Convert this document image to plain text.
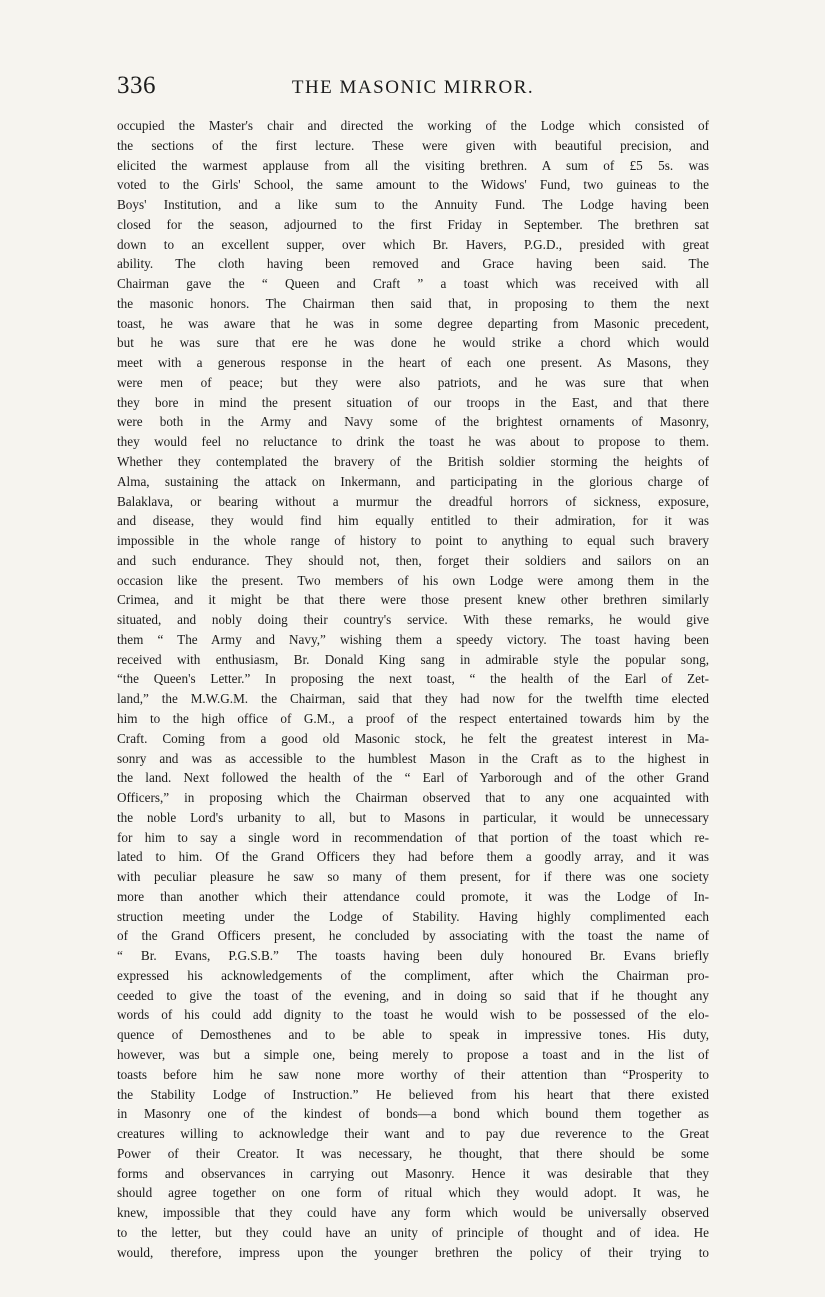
336	THE MASONIC MIRROR.
occupied the Master's chair and directed the working of the Lodge which consisted of
the sections of the first lecture. These were given with beautiful precision, and
elicited the warmest applause from all the visiting brethren. A sum of £5 5s. was
voted to the Girls' School, the same amount to the Widows' Fund, two guineas to the
Boys' Institution, and a like sum to the Annuity Fund. The Lodge having been
closed for the season, adjourned to the first Friday in September. The brethren sat
down to an excellent supper, over which Br. Havers, P.G.D., presided with great
ability. The cloth having been removed and Grace having been said. The
Chairman gave the “ Queen and Craft ” a toast which was received with all
the masonic honors. The Chairman then said that, in proposing to them the next
toast, he was aware that he was in some degree departing from Masonic precedent,
but he was sure that ere he was done he would strike a chord which would
meet with a generous response in the heart of each one present. As Masons, they
were men of peace; but they were also patriots, and he was sure that when
they bore in mind the present situation of our troops in the East, and that there
were both in the Army and Navy some of the brightest ornaments of Masonry,
they would feel no reluctance to drink the toast he was about to propose to them.
Whether they contemplated the bravery of the British soldier storming the heights of
Alma, sustaining the attack on Inkermann, and participating in the glorious charge of
Balaklava, or bearing without a murmur the dreadful horrors of sickness, exposure,
and disease, they would find him equally entitled to their admiration, for it was
impossible in the whole range of history to point to anything to equal such bravery
and such endurance. They should not, then, forget their soldiers and sailors on an
occasion like the present. Two members of his own Lodge were among them in the
Crimea, and it might be that there were those present knew other brethren similarly
situated, and nobly doing their country's service. With these remarks, he would give
them “ The Army and Navy,” wishing them a speedy victory. The toast having been
received with enthusiasm, Br. Donald King sang in admirable style the popular song,
“the Queen's Letter.” In proposing the next toast, “ the health of the Earl of Zet-
land,” the M.W.G.M. the Chairman, said that they had now for the twelfth time elected
him to the high office of G.M., a proof of the respect entertained towards him by the
Craft. Coming from a good old Masonic stock, he felt the greatest interest in Ma-
sonry and was as accessible to the humblest Mason in the Craft as to the highest in
the land. Next followed the health of the “ Earl of Yarborough and of the other Grand
Officers,” in proposing which the Chairman observed that to any one acquainted with
the noble Lord's urbanity to all, but to Masons in particular, it would be unnecessary
for him to say a single word in recommendation of that portion of the toast which re-
lated to him. Of the Grand Officers they had before them a goodly array, and it was
with peculiar pleasure he saw so many of them present, for if there was one society
more than another which their attendance could promote, it was the Lodge of In-
struction meeting under the Lodge of Stability. Having highly complimented each
of the Grand Officers present, he concluded by associating with the toast the name of
“ Br. Evans, P.G.S.B.” The toasts having been duly honoured Br. Evans briefly
expressed his acknowledgements of the compliment, after which the Chairman pro-
ceeded to give the toast of the evening, and in doing so said that if he thought any
words of his could add dignity to the toast he would wish to be possessed of the elo-
quence of Demosthenes and to be able to speak in impressive tones. His duty,
however, was but a simple one, being merely to propose a toast and in the list of
toasts before him he saw none more worthy of their attention than “Prosperity to
the Stability Lodge of Instruction.” He believed from his heart that there existed
in Masonry one of the kindest of bonds—a bond which bound them together as
creatures willing to acknowledge their want and to pay due reverence to the Great
Power of their Creator. It was necessary, he thought, that there should be some
forms and observances in carrying out Masonry. Hence it was desirable that they
should agree together on one form of ritual which they would adopt. It was, he
knew, impossible that they could have any form which would be universally observed
to the letter, but they could have an unity of principle of thought and of idea. He
would, therefore, impress upon the younger brethren the policy of their trying to
